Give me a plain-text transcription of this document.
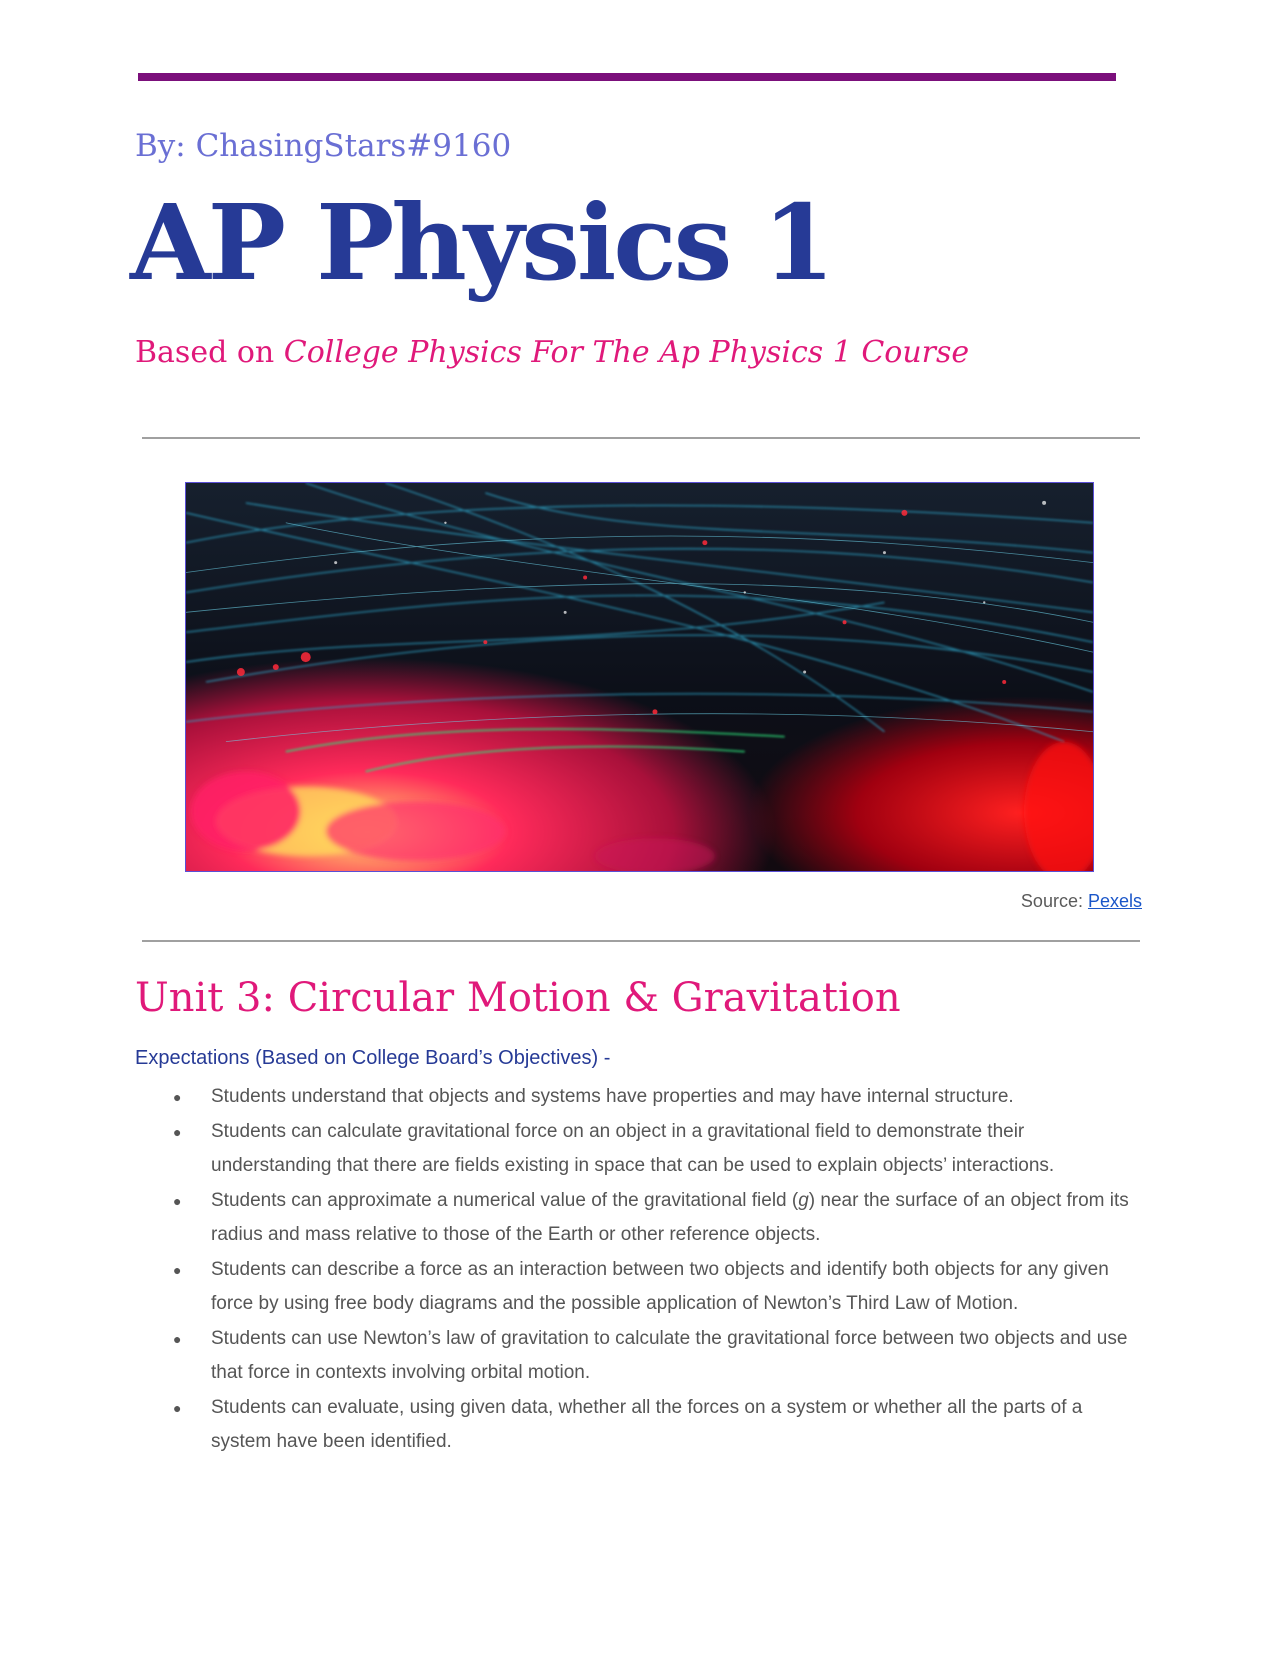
By: ChasingStars#9160
AP Physics 1
Based on College Physics For The Ap Physics 1 Course
Source: Pexels
Unit 3: Circular Motion & Gravitation
Expectations (Based on College Board’s Objectives) -
● Students understand that objects and systems have properties and may have internal structure.
● Students can calculate gravitational force on an object in a gravitational field to demonstrate their understanding that there are fields existing in space that can be used to explain objects’ interactions.
● Students can approximate a numerical value of the gravitational field (g) near the surface of an object from its radius and mass relative to those of the Earth or other reference objects.
● Students can describe a force as an interaction between two objects and identify both objects for any given force by using free body diagrams and the possible application of Newton’s Third Law of Motion.
● Students can use Newton’s law of gravitation to calculate the gravitational force between two objects and use that force in contexts involving orbital motion.
● Students can evaluate, using given data, whether all the forces on a system or whether all the parts of a system have been identified.
